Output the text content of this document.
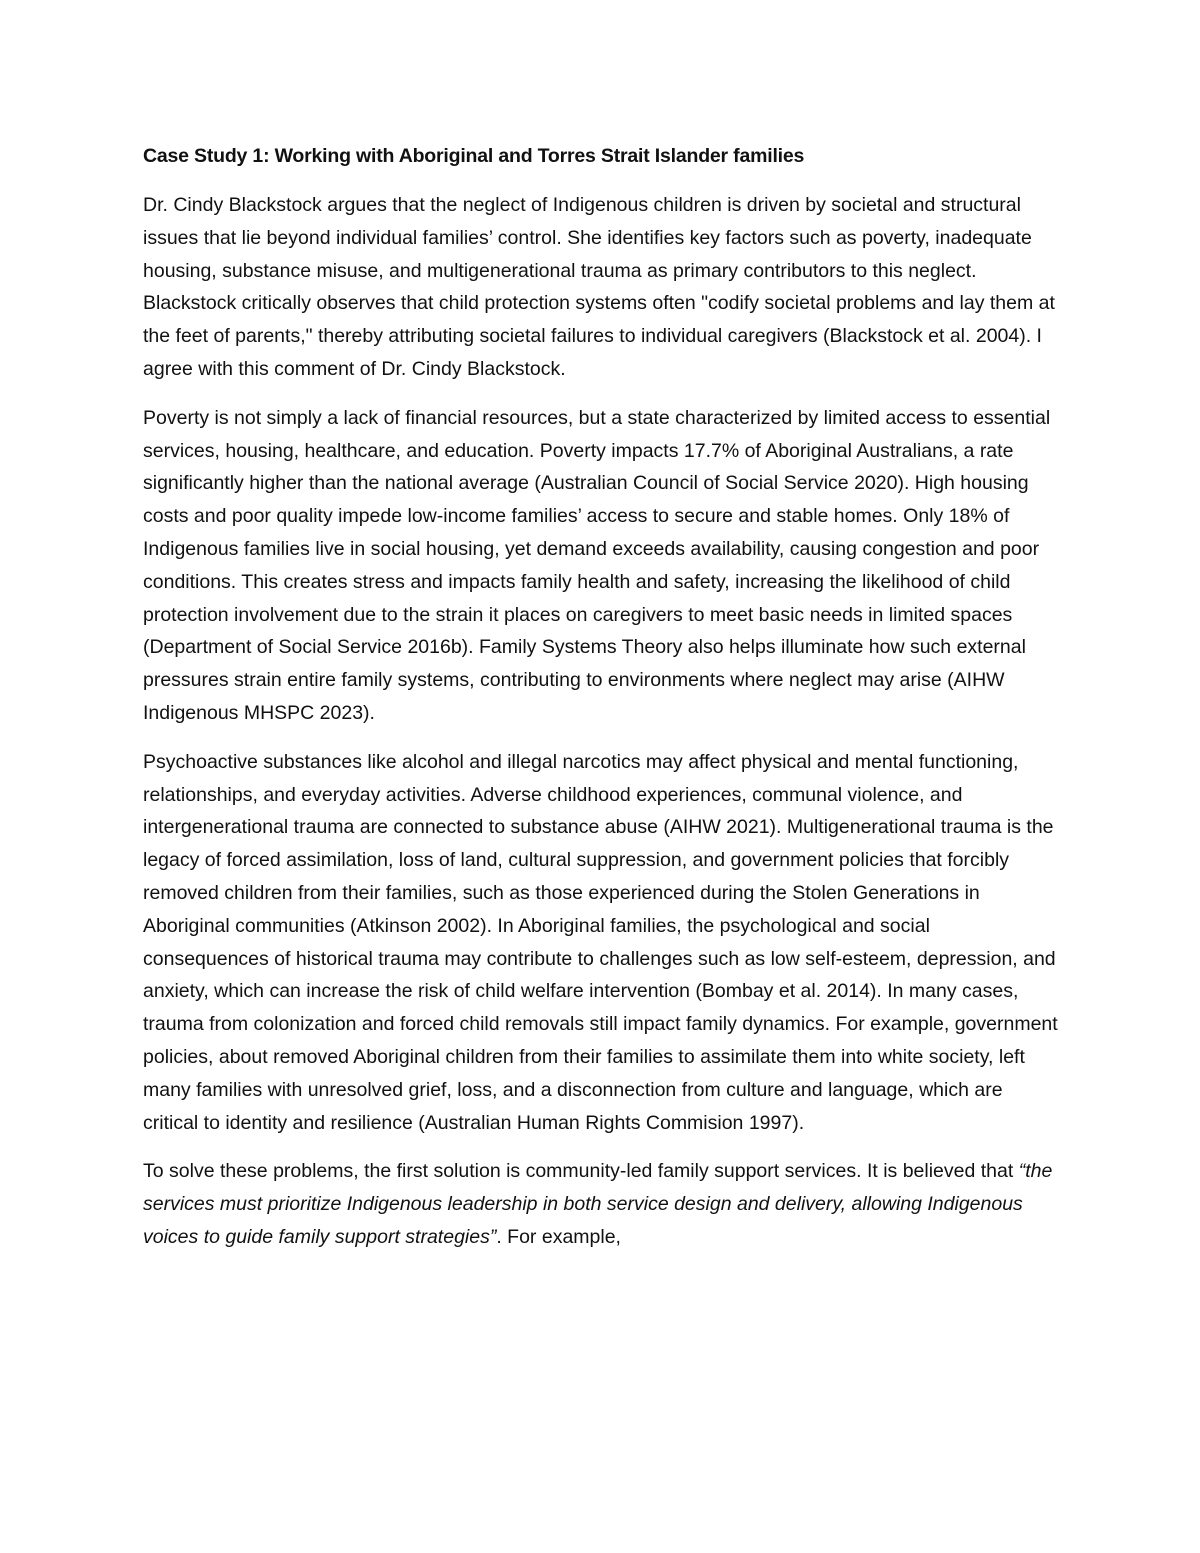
Case Study 1: Working with Aboriginal and Torres Strait Islander families

Dr. Cindy Blackstock argues that the neglect of Indigenous children is driven by societal and structural issues that lie beyond individual families’ control. She identifies key factors such as poverty, inadequate housing, substance misuse, and multigenerational trauma as primary contributors to this neglect. Blackstock critically observes that child protection systems often "codify societal problems and lay them at the feet of parents," thereby attributing societal failures to individual caregivers (Blackstock et al. 2004). I agree with this comment of Dr. Cindy Blackstock.

Poverty is not simply a lack of financial resources, but a state characterized by limited access to essential services, housing, healthcare, and education. Poverty impacts 17.7% of Aboriginal Australians, a rate significantly higher than the national average (Australian Council of Social Service 2020). High housing costs and poor quality impede low-income families’ access to secure and stable homes. Only 18% of Indigenous families live in social housing, yet demand exceeds availability, causing congestion and poor conditions. This creates stress and impacts family health and safety, increasing the likelihood of child protection involvement due to the strain it places on caregivers to meet basic needs in limited spaces (Department of Social Service 2016b). Family Systems Theory also helps illuminate how such external pressures strain entire family systems, contributing to environments where neglect may arise (AIHW Indigenous MHSPC 2023).

Psychoactive substances like alcohol and illegal narcotics may affect physical and mental functioning, relationships, and everyday activities. Adverse childhood experiences, communal violence, and intergenerational trauma are connected to substance abuse (AIHW 2021). Multigenerational trauma is the legacy of forced assimilation, loss of land, cultural suppression, and government policies that forcibly removed children from their families, such as those experienced during the Stolen Generations in Aboriginal communities (Atkinson 2002). In Aboriginal families, the psychological and social consequences of historical trauma may contribute to challenges such as low self-esteem, depression, and anxiety, which can increase the risk of child welfare intervention (Bombay et al. 2014). In many cases, trauma from colonization and forced child removals still impact family dynamics. For example, government policies, about removed Aboriginal children from their families to assimilate them into white society, left many families with unresolved grief, loss, and a disconnection from culture and language, which are critical to identity and resilience (Australian Human Rights Commision 1997).

To solve these problems, the first solution is community-led family support services. It is believed that “the services must prioritize Indigenous leadership in both service design and delivery, allowing Indigenous voices to guide family support strategies”. For example,
